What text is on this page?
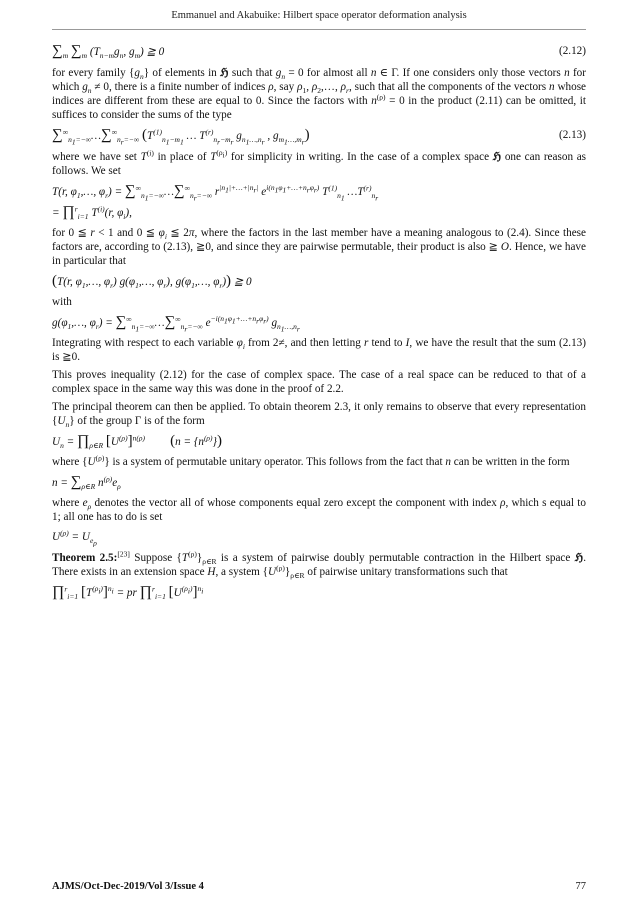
Emmanuel and Akabuike: Hilbert space operator deformation analysis
$\sum_m$ $\sum_m$ ($T_{n-m}g_n$, $g_m$) ≧ 0	(2.12)

for every family $\{g_n\}$ of elements in ℌ such that $g_n = 0$ for almost all n ∈ Γ. If one considers only those vectors n for which $g_n \ne 0$, there is a finite number of indices ρ, say $\rho_1$, $\rho_2,\dots$, $\rho_r$, such that all the components of the vectors n whose indices are different from these are equal to 0. Since the factors with $n^{(\rho)} = 0$ in the product (2.11) can be omitted, it suffices to consider the sums of the type

$\sum^\infty_{n_1=-\infty}\dots\sum^\infty_{n_r=-\infty}$ ($T^{(1)}_{n_1-m_1}$ … $T^{(r)}_{n_r-m_r}$ $g_{n_1\dots,n_r}$ , $g_{m_1\dots,m_r}$)	(2.13)

where we have set $T^{(i)}$ in place of $T^{(\rho_i)}$ for simplicity in writing. In the case of a complex space ℌ one can reason as follows. We set

T(r, $\varphi_1,\dots$, $\varphi_r$) = $\sum^\infty_{n_1=-\infty}\dots\sum^\infty_{n_r=-\infty}$ $r^{|n_1|+\dots+|n_r|}$ $e^{i(n_1\varphi_1+\dots+n_r\varphi_r)}$ $T^{(1)}_{n_1}$ $\dots T^{(r)}_{n_r}$
= ∏$^r_{i=1}$ $T^{(i)}(r$, $\varphi_i$),

for 0 ≦ r < 1 and 0 ≦ $\varphi_i$ ≦ 2π, where the factors in the last member have a meaning analogous to (2.4). Since these factors are, according to (2.13), ≧0, and since they are pairwise permutable, their product is also ≧ O. Hence, we have in particular that

(T(r, $\varphi_1,\dots$, $\varphi_r$) $g(\varphi_1,\dots$, $\varphi_r$), $g(\varphi_1,\dots$, $\varphi_r$)) ≧ 0

with

$g(\varphi_1,\dots$, $\varphi_r$) = $\sum^\infty_{n_1=-\infty}\dots\sum^\infty_{n_r=-\infty}$ $e^{-i(n_1\varphi_1+\dots+n_r\varphi_r)}$ $g_{n_1\dots,n_r}$

Integrating with respect to each variable $\varphi_i$ from 2≠, and then letting r tend to I, we have the result that the sum (2.13) is ≧0.

This proves inequality (2.12) for the case of complex space. The case of a real space can be reduced to that of a complex space in the same way this was done in the proof of 2.2.

The principal theorem can then be applied. To obtain theorem 2.3, it only remains to observe that every representation $\{U_n\}$ of the group Γ is of the form

$U_n$ = $\prod_{\rho\in R}$ $[U^{(\rho)}]^{n(\rho)}$ $(n = \{n^{(\rho)}\})$

where $\{U^{(\rho)}\}$ is a system of permutable unitary operator. This follows from the fact that n can be written in the form

$n = \sum_{\rho\in R}$ $n^{(\rho)}e_\rho$

where $e_\rho$ denotes the vector all of whose components equal zero except the component with index ρ, which s equal to 1; all one has to do is set

$U^{(\rho)} = U_{e_\rho}$

Theorem 2.5:[23] Suppose $\{T^{(\rho)}\}_{\rho\in R}$ is a system of pairwise doubly permutable contraction in the Hilbert space ℌ. There exists in an extension space H, a system $\{U^{(\rho)}\}_{\rho\in R}$ of pairwise unitary transformations such that

∏$^r_{i=1}$ $[T^{(\rho_i)}]^{n_i}$ = pr ∏$^r_{i=1}$ $[U^{(\rho_i)}]^{n_i}$
AJMS/Oct-Dec-2019/Vol 3/Issue 4	77
